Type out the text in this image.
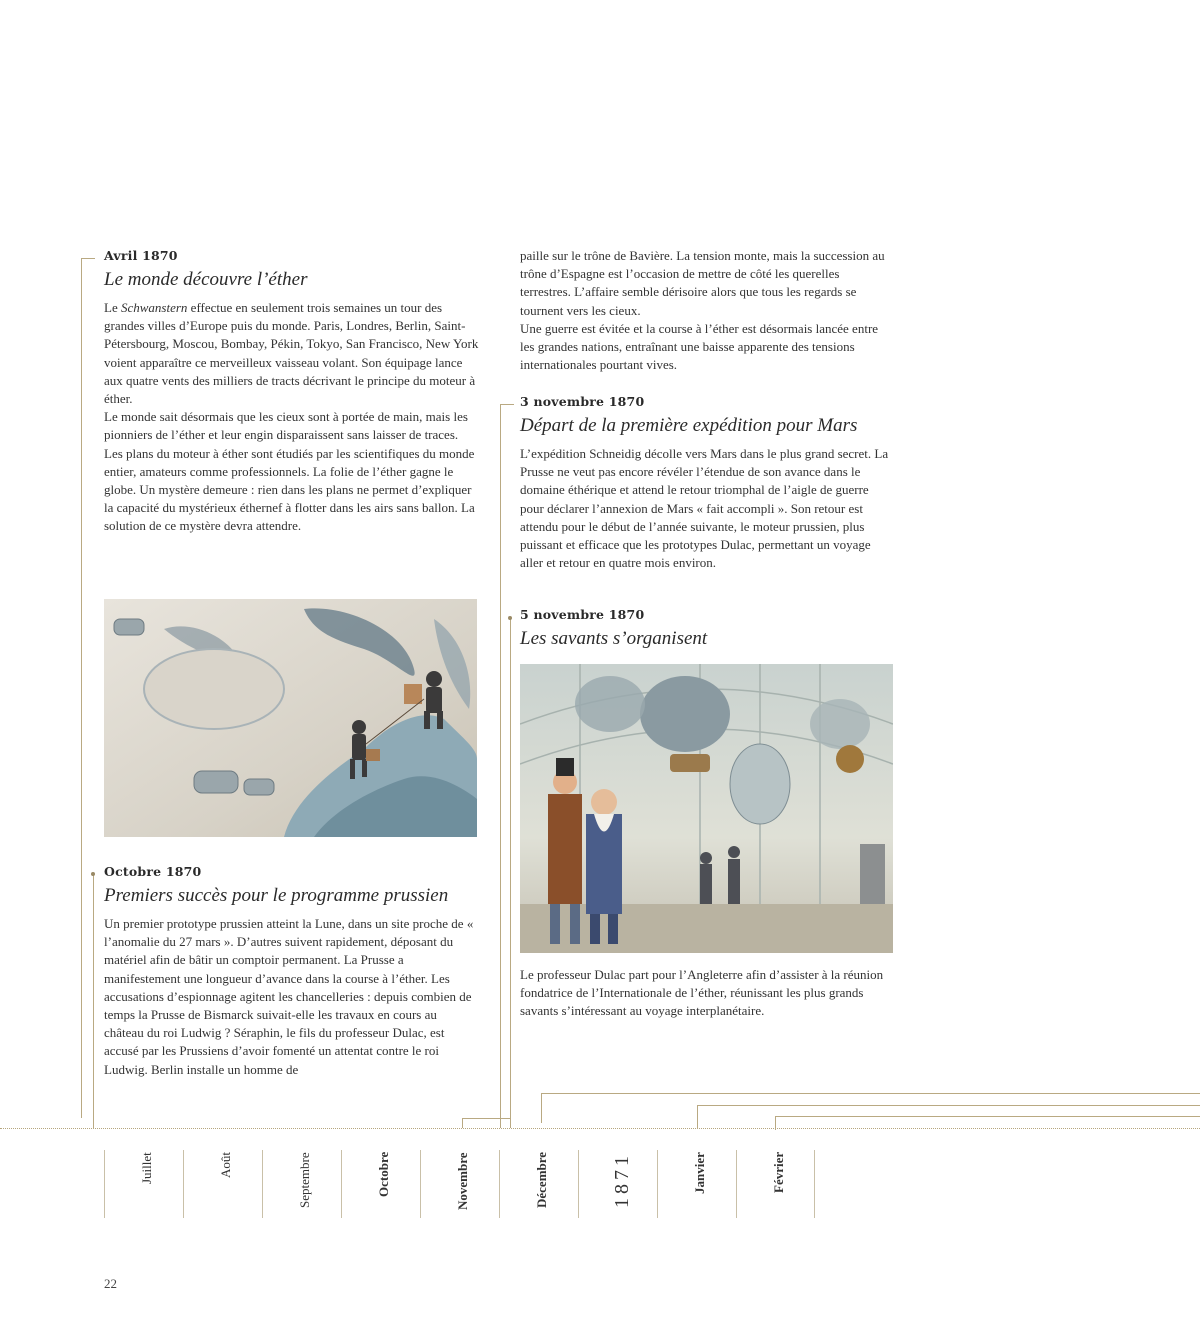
Avril 1870
Le monde découvre l’éther

Le Schwanstern effectue en seulement trois semaines un tour des grandes villes d’Europe puis du monde. Paris, Londres, Berlin, Saint-Pétersbourg, Moscou, Bombay, Pékin, Tokyo, San Francisco, New York voient apparaître ce merveilleux vaisseau volant. Son équipage lance aux quatre vents des milliers de tracts décrivant le principe du moteur à éther.

Le monde sait désormais que les cieux sont à portée de main, mais les pionniers de l’éther et leur engin disparaissent sans laisser de traces. Les plans du moteur à éther sont étudiés par les scientifiques du monde entier, amateurs comme professionnels. La folie de l’éther gagne le globe. Un mystère demeure : rien dans les plans ne permet d’expliquer la capacité du mystérieux éthernef à flotter dans les airs sans ballon. La solution de ce mystère devra attendre.

Octobre 1870
Premiers succès pour le programme prussien
Un premier prototype prussien atteint la Lune, dans un site proche de « l’anomalie du 27 mars ». D’autres suivent rapidement, déposant du matériel afin de bâtir un comptoir permanent. La Prusse a manifestement une longueur d’avance dans la course à l’éther. Les accusations d’espionnage agitent les chancelleries : depuis combien de temps la Prusse de Bismarck suivait-elle les travaux en cours au château du roi Ludwig ? Séraphin, le fils du professeur Dulac, est accusé par les Prussiens d’avoir fomenté un attentat contre le roi Ludwig. Berlin installe un homme de

paille sur le trône de Bavière. La tension monte, mais la succession au trône d’Espagne est l’occasion de mettre de côté les querelles terrestres. L’affaire semble dérisoire alors que tous les regards se tournent vers les cieux.

Une guerre est évitée et la course à l’éther est désormais lancée entre les grandes nations, entraînant une baisse apparente des tensions internationales pourtant vives.

3 novembre 1870
Départ de la première expédition pour Mars
L’expédition Schneidig décolle vers Mars dans le plus grand secret. La Prusse ne veut pas encore révéler l’étendue de son avance dans le domaine éthérique et attend le retour triomphal de l’aigle de guerre pour déclarer l’annexion de Mars « fait accompli ». Son retour est attendu pour le début de l’année suivante, le moteur prussien, plus puissant et efficace que les prototypes Dulac, permettant un voyage aller et retour en quatre mois environ.
5 novembre 1870
Les savants s’organisent
Le professeur Dulac part pour l’Angleterre afin d’assister à la réunion fondatrice de l’Internationale de l’éther, réunissant les plus grands savants s’intéressant au voyage interplanétaire.
Juillet	Août	Septembre	Octobre	Novembre	Décembre	1871	Janvier	Février
22
